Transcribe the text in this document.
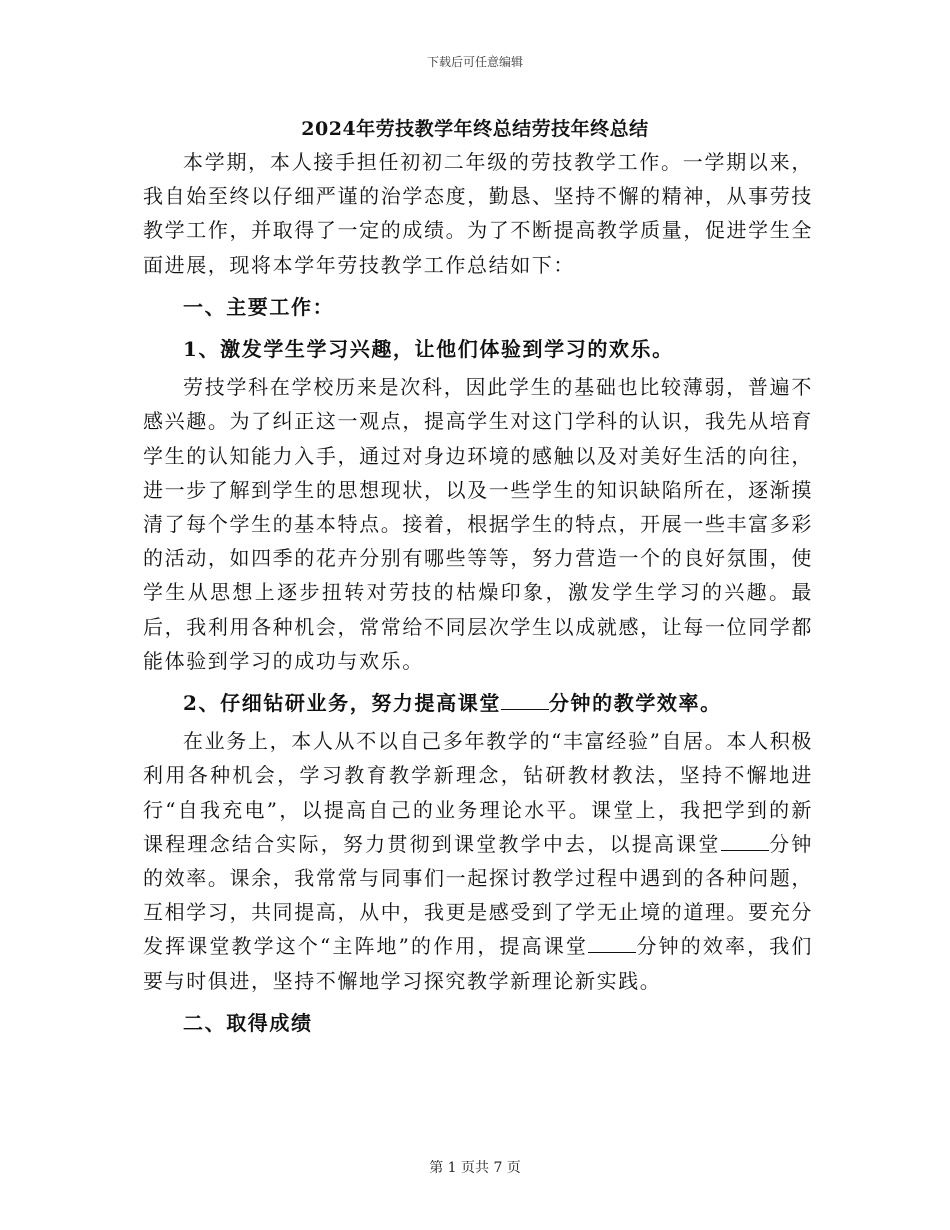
下载后可任意编辑
2024年劳技教学年终总结劳技年终总结

本学期，本人接手担任初初二年级的劳技教学工作。一学期以来，我自始至终以仔细严谨的治学态度，勤恳、坚持不懈的精神，从事劳技教学工作，并取得了一定的成绩。为了不断提高教学质量，促进学生全面进展，现将本学年劳技教学工作总结如下：

一、主要工作：

1、激发学生学习兴趣，让他们体验到学习的欢乐。

劳技学科在学校历来是次科，因此学生的基础也比较薄弱，普遍不感兴趣。为了纠正这一观点，提高学生对这门学科的认识，我先从培育学生的认知能力入手，通过对身边环境的感触以及对美好生活的向往，进一步了解到学生的思想现状，以及一些学生的知识缺陷所在，逐渐摸清了每个学生的基本特点。接着，根据学生的特点，开展一些丰富多彩的活动，如四季的花卉分别有哪些等等，努力营造一个的良好氛围，使学生从思想上逐步扭转对劳技的枯燥印象，激发学生学习的兴趣。最后，我利用各种机会，常常给不同层次学生以成就感，让每一位同学都能体验到学习的成功与欢乐。

2、仔细钻研业务，努力提高课堂 分钟的教学效率。

在业务上，本人从不以自己多年教学的“丰富经验”自居。本人积极利用各种机会，学习教育教学新理念，钻研教材教法，坚持不懈地进行“自我充电”，以提高自己的业务理论水平。课堂上，我把学到的新课程理念结合实际，努力贯彻到课堂教学中去，以提高课堂 分钟的效率。课余，我常常与同事们一起探讨教学过程中遇到的各种问题，互相学习，共同提高，从中，我更是感受到了学无止境的道理。要充分发挥课堂教学这个“主阵地”的作用，提高课堂 分钟的效率，我们要与时俱进，坚持不懈地学习探究教学新理论新实践。

二、取得成绩

第 1 页共 7 页
